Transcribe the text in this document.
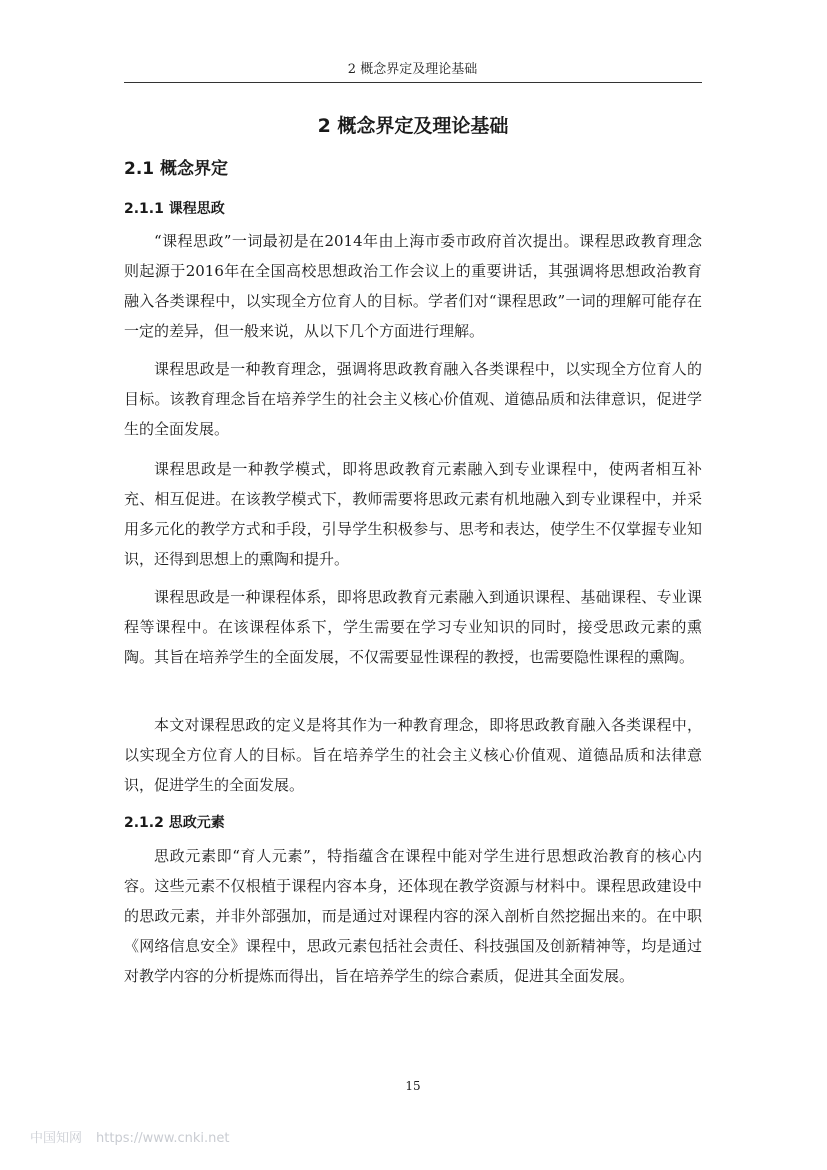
2 概念界定及理论基础
2 概念界定及理论基础
2.1 概念界定
2.1.1 课程思政

“课程思政”一词最初是在2014年由上海市委市政府首次提出。课程思政教育理念则起源于2016年在全国高校思想政治工作会议上的重要讲话，其强调将思想政治教育融入各类课程中，以实现全方位育人的目标。学者们对“课程思政”一词的理解可能存在一定的差异，但一般来说，从以下几个方面进行理解。

课程思政是一种教育理念，强调将思政教育融入各类课程中，以实现全方位育人的目标。该教育理念旨在培养学生的社会主义核心价值观、道德品质和法律意识，促进学生的全面发展。

课程思政是一种教学模式，即将思政教育元素融入到专业课程中，使两者相互补充、相互促进。在该教学模式下，教师需要将思政元素有机地融入到专业课程中，并采用多元化的教学方式和手段，引导学生积极参与、思考和表达，使学生不仅掌握专业知识，还得到思想上的熏陶和提升。

课程思政是一种课程体系，即将思政教育元素融入到通识课程、基础课程、专业课程等课程中。在该课程体系下，学生需要在学习专业知识的同时，接受思政元素的熏陶。其旨在培养学生的全面发展，不仅需要显性课程的教授，也需要隐性课程的熏陶。

本文对课程思政的定义是将其作为一种教育理念，即将思政教育融入各类课程中，以实现全方位育人的目标。旨在培养学生的社会主义核心价值观、道德品质和法律意识，促进学生的全面发展。

2.1.2 思政元素

思政元素即“育人元素”，特指蕴含在课程中能对学生进行思想政治教育的核心内容。这些元素不仅根植于课程内容本身，还体现在教学资源与材料中。课程思政建设中的思政元素，并非外部强加，而是通过对课程内容的深入剖析自然挖掘出来的。在中职《网络信息安全》课程中，思政元素包括社会责任、科技强国及创新精神等，均是通过对教学内容的分析提炼而得出，旨在培养学生的综合素质，促进其全面发展。

15
中国知网 https://www.cnki.net
